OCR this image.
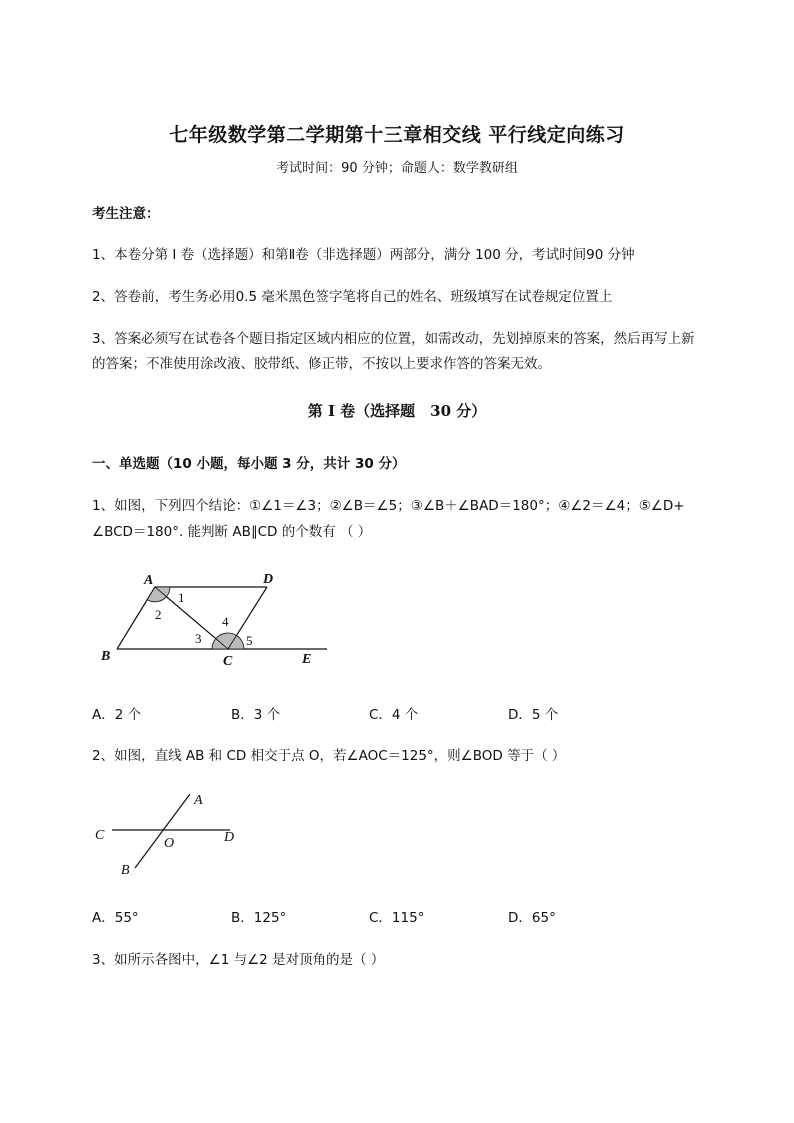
七年级数学第二学期第十三章相交线 平行线定向练习
考试时间：90 分钟；命题人：数学教研组
考生注意：
1、本卷分第 I 卷（选择题）和第Ⅱ卷（非选择题）两部分，满分 100 分，考试时间90 分钟
2、答卷前，考生务必用0.5 毫米黑色签字笔将自己的姓名、班级填写在试卷规定位置上
3、答案必须写在试卷各个题目指定区域内相应的位置，如需改动，先划掉原来的答案，然后再写上新
的答案；不准使用涂改液、胶带纸、修正带，不按以上要求作答的答案无效。
第 I 卷（选择题　30 分）
一、单选题（10 小题，每小题 3 分，共计 30 分）
1、如图，下列四个结论：①∠1＝∠3；②∠B＝∠5；③∠B＋∠BAD＝180°；④∠2＝∠4；⑤∠D+
∠BCD＝180°. 能判断 AB∥CD 的个数有 （ ）
A	D
B	C	E
1
2
3
4
5
A．2 个	B．3 个	C．4 个	D．5 个
2、如图，直线 AB 和 CD 相交于点 O，若∠AOC＝125°，则∠BOD 等于（ ）
A
C
O	D
B
A．55°	B．125°	C．115°	D．65°
3、如所示各图中，∠1 与∠2 是对顶角的是（ ）
